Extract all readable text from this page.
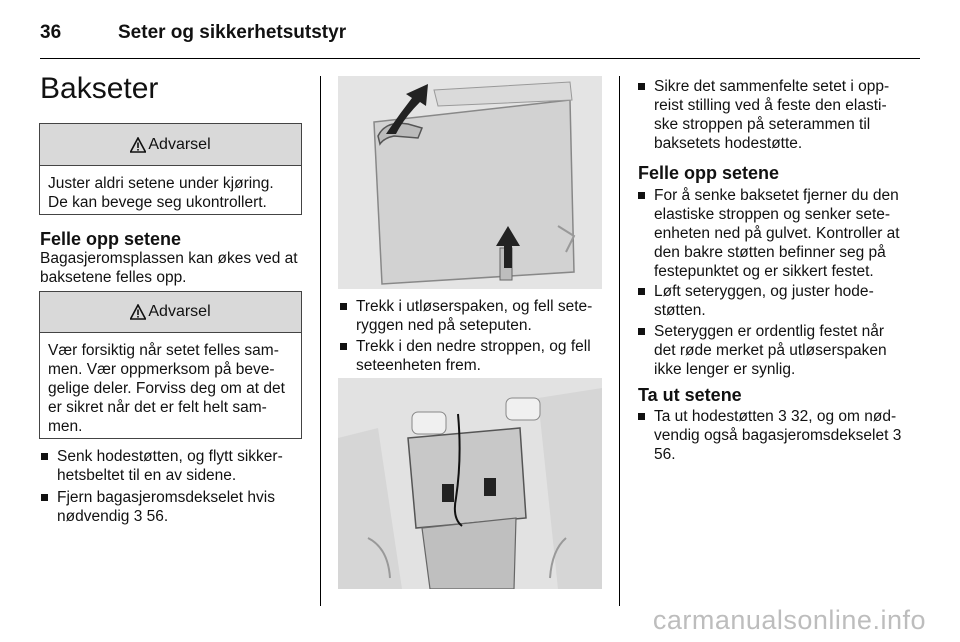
36	Seter og sikkerhetsutstyr
Bakseter
Advarsel
Juster aldri setene under kjøring. De kan bevege seg ukontrollert.
Felle opp setene
Bagasjeromsplassen kan økes ved at baksetene felles opp.
Advarsel
Vær forsiktig når setet felles sammen. Vær oppmerksom på bevegelige deler. Forviss deg om at det er sikret når det er felt helt sammen.
Senk hodestøtten, og flytt sikkerhetsbeltet til en av sidene.
Fjern bagasjeromsdekselet hvis nødvendig 3 56.
Trekk i utløserspaken, og fell seteryggen ned på seteputen.
Trekk i den nedre stroppen, og fell seteenheten frem.
Sikre det sammenfelte setet i oppreist stilling ved å feste den elastiske stroppen på seterammen til baksetets hodestøtte.
Felle opp setene
For å senke baksetet fjerner du den elastiske stroppen og senker seteenheten ned på gulvet. Kontroller at den bakre støtten befinner seg på festepunktet og er sikkert festet.
Løft seteryggen, og juster hodestøtten.
Seteryggen er ordentlig festet når det røde merket på utløserspaken ikke lenger er synlig.
Ta ut setene
Ta ut hodestøtten 3 32, og om nødvendig også bagasjeromsdekselet 3 56.
carmanualsonline.info
